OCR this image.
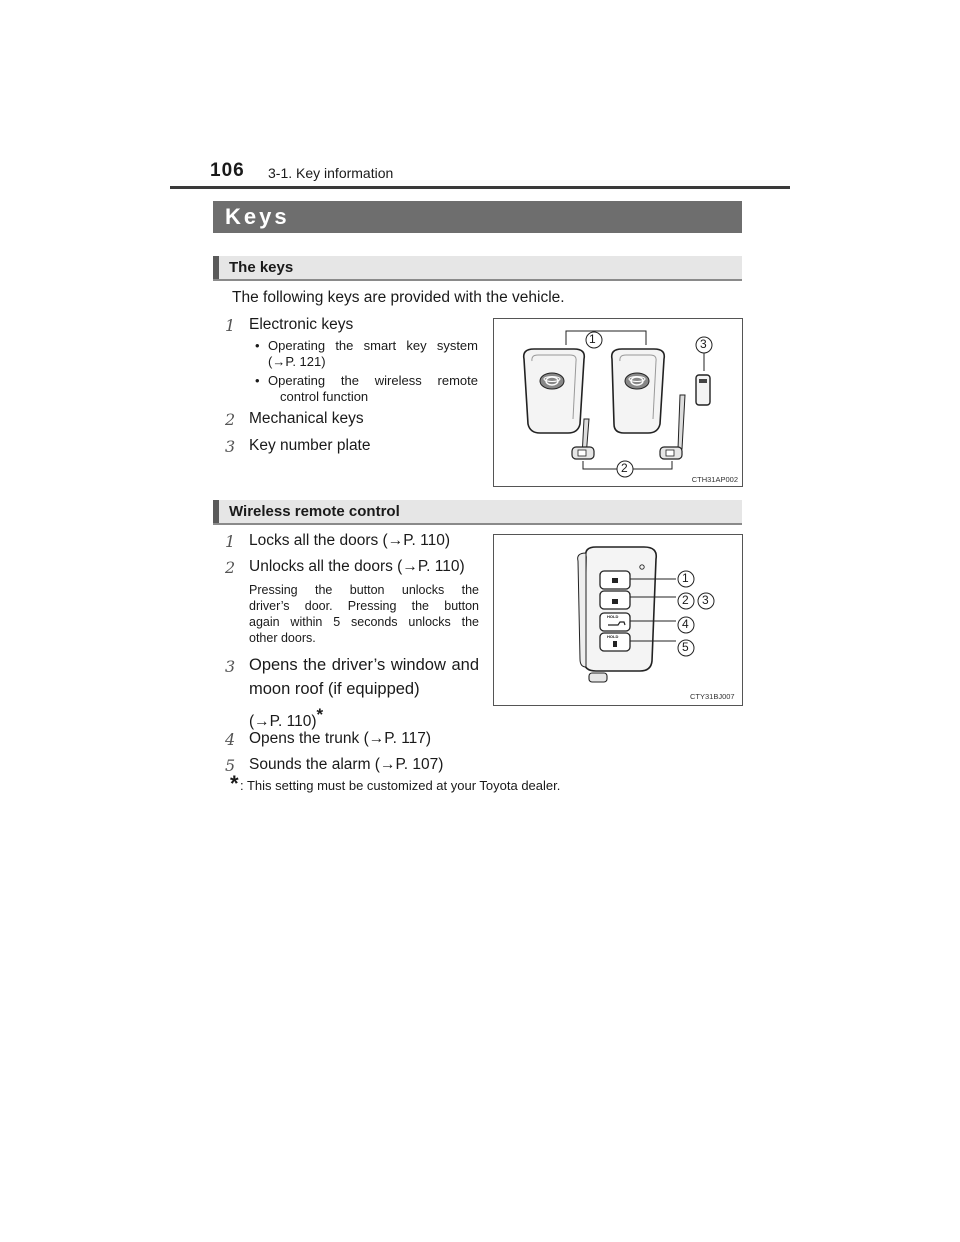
106 3-1. Key information
Keys
The keys
The following keys are provided with the vehicle.
1 Electronic keys
• Operating the smart key system
(→P. 121)
• Operating the wireless remote
control function
2 Mechanical keys
3 Key number plate
1	3
2
CTH31AP002
Wireless remote control
1 Locks all the doors (→P. 110)
2 Unlocks all the doors (→P. 110)
Pressing the button unlocks the
driver’s door. Pressing the button
again within 5 seconds unlocks the
other doors.
3 Opens the driver’s window and
moon roof (if equipped)
(→P. 110)*
4 Opens the trunk (→P. 117)
5 Sounds the alarm (→P. 107)
HOLD
HOLD
1
2 3
4
5
CTY31BJ007
* : This setting must be customized at your Toyota dealer.
